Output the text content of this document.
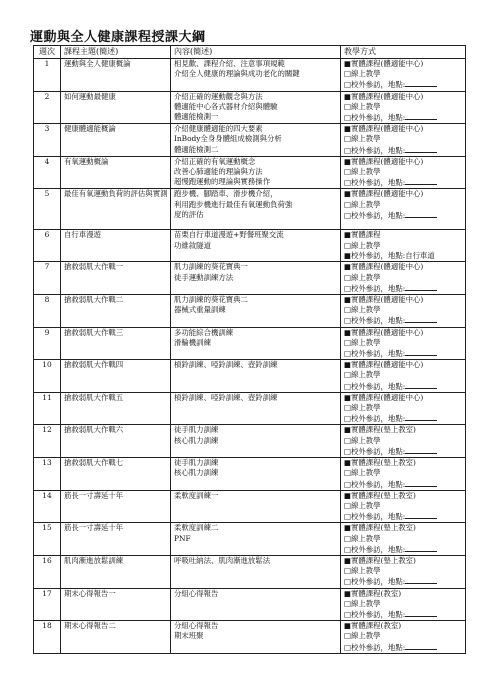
運動與全人健康課程授課大綱
週次	課程主題(簡述)	內容(簡述)	教學方式
1	運動與全人健康概論	相見歡、課程介紹、注意事項規範
介紹全人健康的理論與成功老化的關鍵	■實體課程(體適能中心)
□線上教學
□校外參訪，地點:

2	如何運動最健康	介紹正確的運動觀念與方法
體適能中心各式器材介紹與體驗
體適能檢測一	■實體課程(體適能中心)
□線上教學
□校外參訪，地點:

3	健康體適能概論	介紹健康體適能的四大要素
InBody全身身體組成檢測與分析
體適能檢測二	■實體課程(體適能中心)
□線上教學
□校外參訪，地點:

4	有氧運動概論	介紹正確的有氧運動概念
改善心肺適能的理論與方法
超慢跑運動的理論與實務操作	■實體課程(體適能中心)
□線上教學
□校外參訪，地點:

5	最佳有氧運動負荷的評估與實測	跑步機、腳踏車、滑步機介紹，
利用跑步機進行最佳有氧運動負荷強
度的評估	■實體課程(體適能中心)
□線上教學
□校外參訪，地點:

6	自行車漫遊	苗栗自行車道漫遊+野餐班聚交流
功維敘隧道	■實體課程
□線上教學
■校外參訪，地點:自行車道

7	搶救弱肌大作戰一	肌力訓練的葵花寶典一
徒手運動訓練方法	■實體課程(體適能中心)
□線上教學
□校外參訪，地點:

8	搶救弱肌大作戰二	肌力訓練的葵花寶典二
器械式重量訓練	■實體課程(體適能中心)
□線上教學
□校外參訪，地點:

9	搶救弱肌大作戰三	多功能綜合機訓練
滑輪機訓練	■實體課程(體適能中心)
□線上教學
□校外參訪，地點:

10	搶救弱肌大作戰四	槓鈴訓練、啞鈴訓練、壺鈴訓練	■實體課程(體適能中心)
□線上教學
□校外參訪，地點:

11	搶救弱肌大作戰五	槓鈴訓練、啞鈴訓練、壺鈴訓練	■實體課程(體適能中心)
□線上教學
□校外參訪，地點:

12	搶救弱肌大作戰六	徒手肌力訓練
核心肌力訓練	■實體課程(墊上教室)
□線上教學
□校外參訪，地點:

13	搶救弱肌大作戰七	徒手肌力訓練
核心肌力訓練	■實體課程(墊上教室)
□線上教學
□校外參訪，地點:

14	筋長一寸壽延十年	柔軟度訓練一	■實體課程(墊上教室)
□線上教學
□校外參訪，地點:

15	筋長一寸壽延十年	柔軟度訓練二
PNF	■實體課程(墊上教室)
□線上教學
□校外參訪，地點:

16	肌肉漸進放鬆訓練	呼吸吐納法、肌肉漸進放鬆法	■實體課程(墊上教室)
□線上教學
□校外參訪，地點:

17	期末心得報告一	分組心得報告	■實體課程(教室)
□線上教學
□校外參訪，地點:

18	期末心得報告二	分組心得報告
期末班聚	■實體課程(教室)
□線上教學
□校外參訪，地點:
